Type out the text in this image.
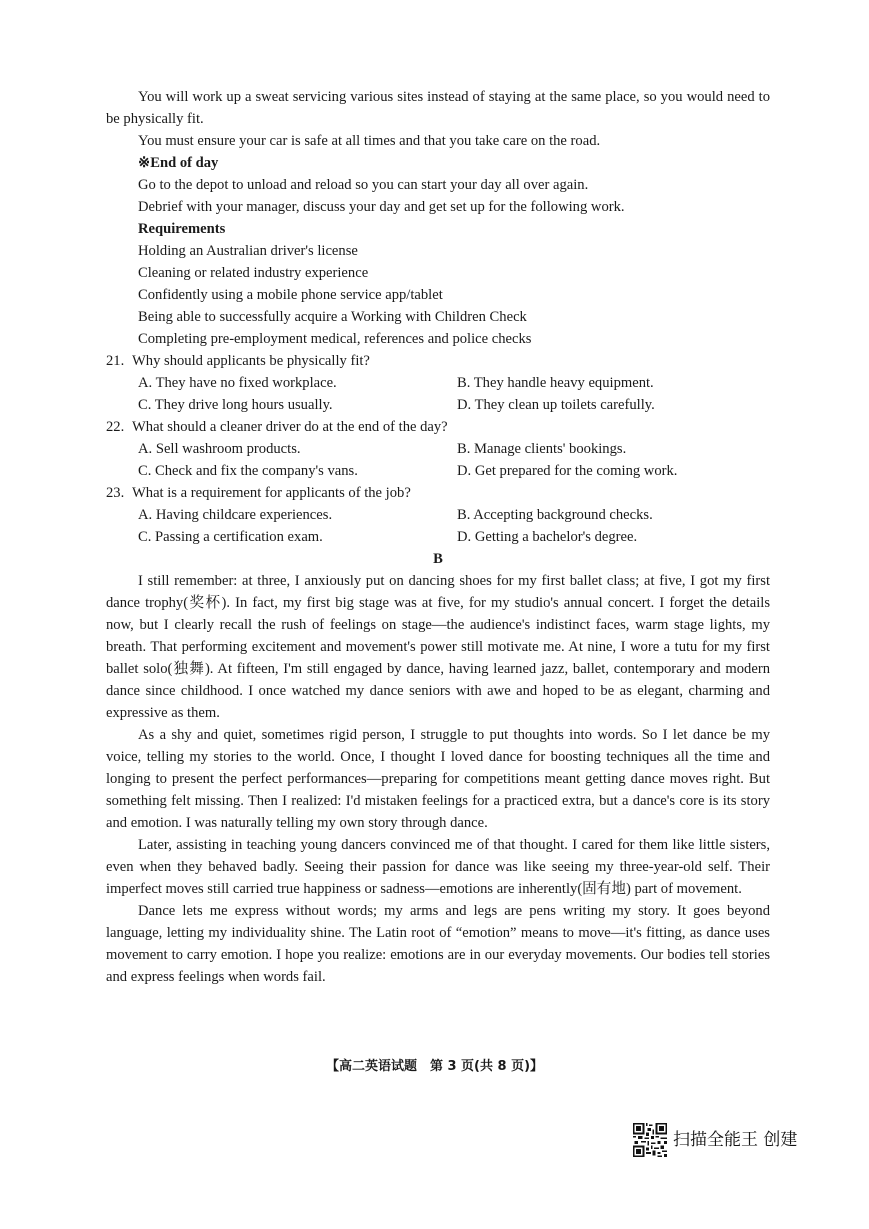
You will work up a sweat servicing various sites instead of staying at the same place, so you would need to be physically fit.

You must ensure your car is safe at all times and that you take care on the road.

※End of day

Go to the depot to unload and reload so you can start your day all over again.

Debrief with your manager, discuss your day and get set up for the following work.

Requirements

Holding an Australian driver's license

Cleaning or related industry experience

Confidently using a mobile phone service app/tablet

Being able to successfully acquire a Working with Children Check

Completing pre-employment medical, references and police checks

21. Why should applicants be physically fit?

A. They have no fixed workplace.	B. They handle heavy equipment.

C. They drive long hours usually.	D. They clean up toilets carefully.

22. What should a cleaner driver do at the end of the day?

A. Sell washroom products.	B. Manage clients' bookings.

C. Check and fix the company's vans.	D. Get prepared for the coming work.

23. What is a requirement for applicants of the job?

A. Having childcare experiences.	B. Accepting background checks.

C. Passing a certification exam.	D. Getting a bachelor's degree.

B

I still remember: at three, I anxiously put on dancing shoes for my first ballet class; at five, I got my first dance trophy(奖杯). In fact, my first big stage was at five, for my studio's annual concert. I forget the details now, but I clearly recall the rush of feelings on stage—the audience's indistinct faces, warm stage lights, my breath. That performing excitement and movement's power still motivate me. At nine, I wore a tutu for my first ballet solo(独舞). At fifteen, I'm still engaged by dance, having learned jazz, ballet, contemporary and modern dance since childhood. I once watched my dance seniors with awe and hoped to be as elegant, charming and expressive as them.

As a shy and quiet, sometimes rigid person, I struggle to put thoughts into words. So I let dance be my voice, telling my stories to the world. Once, I thought I loved dance for boosting techniques all the time and longing to present the perfect performances—preparing for competitions meant getting dance moves right. But something felt missing. Then I realized: I'd mistaken feelings for a practiced extra, but a dance's core is its story and emotion. I was naturally telling my own story through dance.

Later, assisting in teaching young dancers convinced me of that thought. I cared for them like little sisters, even when they behaved badly. Seeing their passion for dance was like seeing my three-year-old self. Their imperfect moves still carried true happiness or sadness—emotions are inherently(固有地) part of movement.

Dance lets me express without words; my arms and legs are pens writing my story. It goes beyond language, letting my individuality shine. The Latin root of “emotion” means to move—it's fitting, as dance uses movement to carry emotion. I hope you realize: emotions are in our everyday movements. Our bodies tell stories and express feelings when words fail.

【高二英语试题　第 3 页(共 8 页)】
扫描全能王 创建
